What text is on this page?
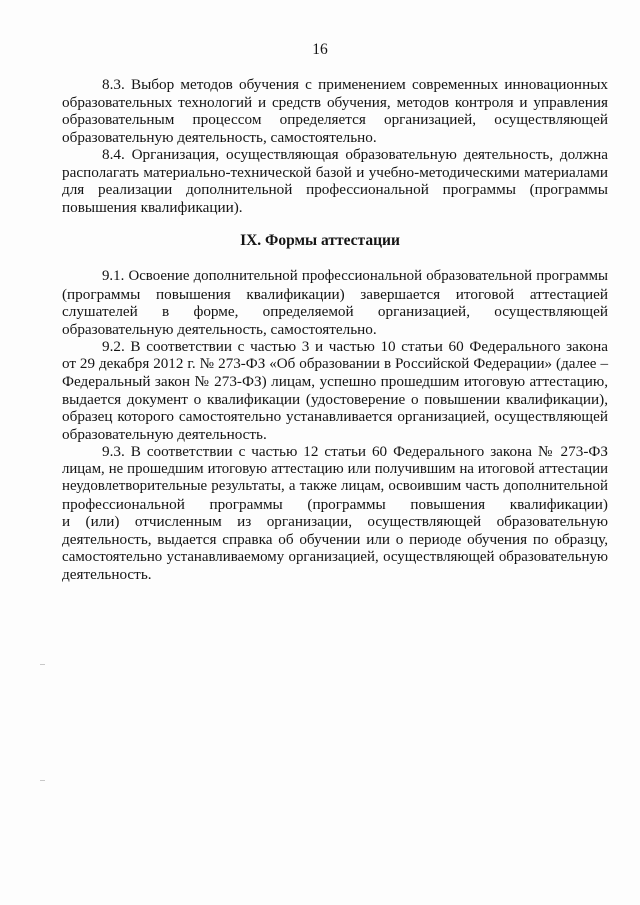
16
8.3. Выбор методов обучения с применением современных инновационных
образовательных технологий и средств обучения, методов контроля и управления
образовательным процессом определяется организацией, осуществляющей
образовательную деятельность, самостоятельно.
8.4. Организация, осуществляющая образовательную деятельность, должна
располагать материально-технической базой и учебно-методическими материалами
для реализации дополнительной профессиональной программы (программы
повышения квалификации).
IX. Формы аттестации
9.1. Освоение дополнительной профессиональной образовательной программы
(программы повышения квалификации) завершается итоговой аттестацией
слушателей в форме, определяемой организацией, осуществляющей
образовательную деятельность, самостоятельно.
9.2. В соответствии с частью 3 и частью 10 статьи 60 Федерального закона
от 29 декабря 2012 г. № 273-ФЗ «Об образовании в Российской Федерации» (далее –
Федеральный закон № 273-ФЗ) лицам, успешно прошедшим итоговую аттестацию,
выдается документ о квалификации (удостоверение о повышении квалификации),
образец которого самостоятельно устанавливается организацией, осуществляющей
образовательную деятельность.
9.3. В соответствии с частью 12 статьи 60 Федерального закона № 273-ФЗ
лицам, не прошедшим итоговую аттестацию или получившим на итоговой аттестации
неудовлетворительные результаты, а также лицам, освоившим часть дополнительной
профессиональной программы (программы повышения квалификации)
и (или) отчисленным из организации, осуществляющей образовательную
деятельность, выдается справка об обучении или о периоде обучения по образцу,
самостоятельно устанавливаемому организацией, осуществляющей образовательную
деятельность.
